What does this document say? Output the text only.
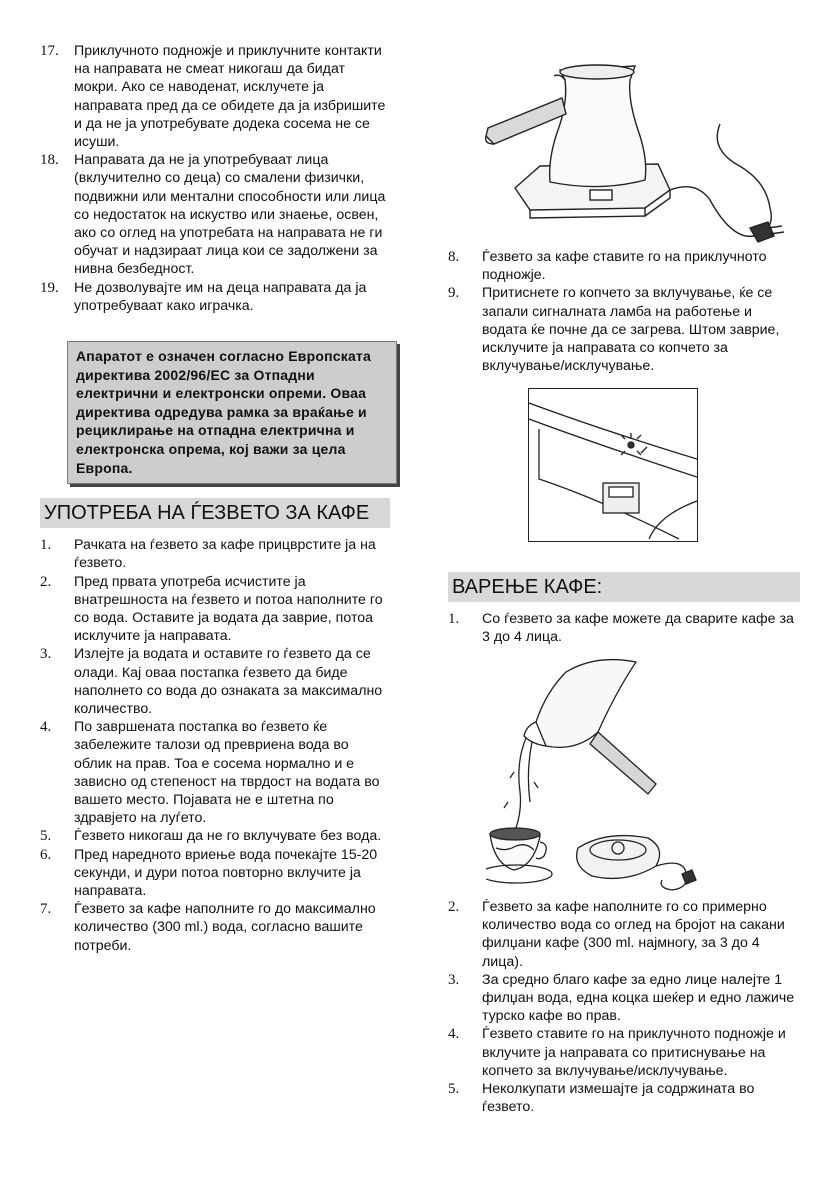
17.	Приклучното подножје и приклучните контакти на направата не смеат никогаш да бидат мокри. Ако се наводенат, исклучете ја направата пред да се обидете да ја избришите и да не ја употребувате додека сосема не се исуши.
18.	Направата да не ја употребуваат лица (вклучително со деца) со смалени физички, подвижни или ментални способности или лица со недостаток на искуство или знаење, освен, ако со оглед на употребата на направата не ги обучат и надзираат лица кои се задолжени за нивна безбедност.
19.	Не дозволувајте им на деца направата да ја употребуваат како играчка.
Апаратот е означен согласно Европската директива 2002/96/EC за Отпадни електрични и електронски опреми. Оваа директива одредува рамка за враќање и рециклирање на отпадна електрична и електронска опрема, кој важи за цела Европа.
УПОТРЕБА НА ЃЕЗВЕТО ЗА КАФЕ
1.	Рачката на ѓезвето за кафе прицврстите ја на ѓезвето.
2.	Пред првата употреба исчистите ја внатрешноста на ѓезвето и потоа наполните го со вода. Оставите ја водата да заврие, потоа исклучите ја направата.
3.	Излејте ја водата и оставите го ѓезвето да се олади. Кај оваа постапка ѓезвето да биде наполнето со вода до ознаката за максимално количество.
4.	По завршената постапка во ѓезвето ќе забележите талози од превриена вода во облик на прав. Тоа е сосема нормално и е зависно од степеност на тврдост на водата во вашето место. Појавата не е штетна по здравјето на луѓето.
5.	Ѓезвето никогаш да не го вклучувате без вода.
6.	Пред наредното вриење вода почекајте 15-20 секунди, и дури потоа повторно вклучите ја направата.
7.	Ѓезвето за кафе наполните го до максимално количество (300 ml.) вода, согласно вашите потреби.
8.	Ѓезвето за кафе ставите го на приклучното подножје.
9.	Притиснете го копчето за вклучување, ќе се запали сигналната ламба на работење и водата ќе почне да се загрева. Штом заврие, исклучите ја направата со копчето за вклучување/исклучување.
ВАРЕЊЕ КАФЕ:
1.	Со ѓезвето за кафе можете да сварите кафе за 3 до 4 лица.
2.	Ѓезвето за кафе наполните го со примерно количество вода со оглед на бројот на сакани филџани кафе (300 ml. најмногу, за 3 до 4 лица).
3.	За средно благо кафе за едно лице налејте 1 филџан вода, една коцка шеќер и едно лажиче турско кафе во прав.
4.	Ѓезвето ставите го на приклучното подножје и вклучите ја направата со притиснување на копчето за вклучување/исклучување.
5.	Неколкупати измешајте ја содржината во ѓезвето.
